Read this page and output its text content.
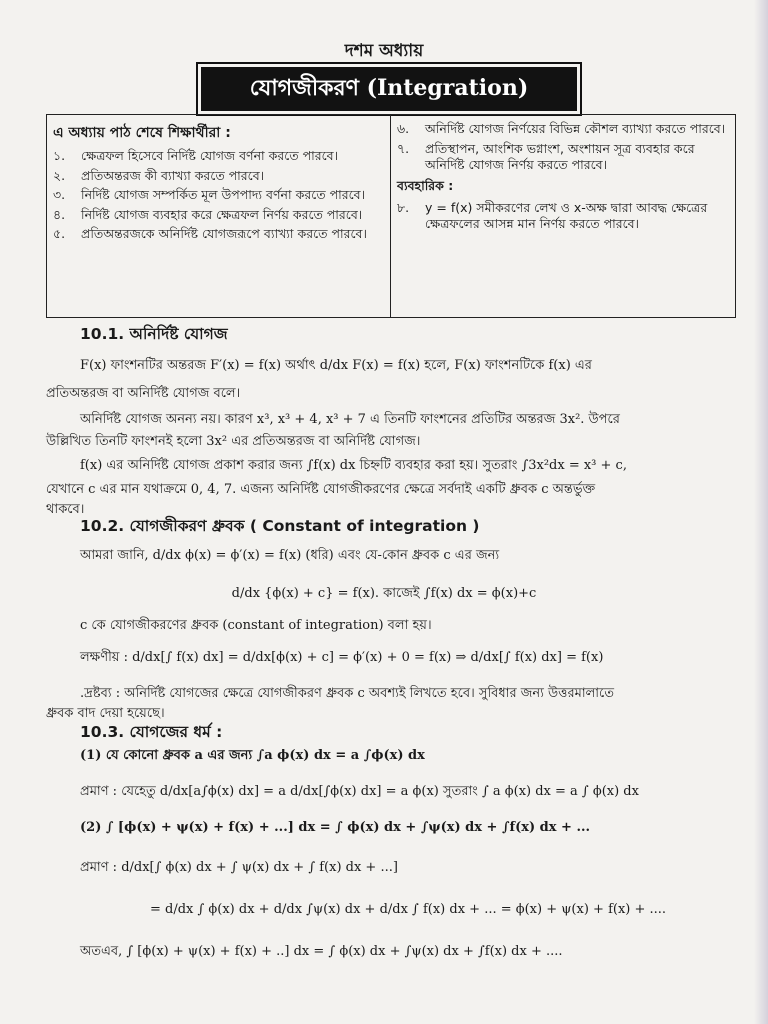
দশম অধ্যায়
যোগজীকরণ (Integration)
এ অধ্যায় পাঠ শেষে শিক্ষার্থীরা :
১.	ক্ষেত্রফল হিসেবে নির্দিষ্ট যোগজ বর্ণনা করতে পারবে।
২.	প্রতিঅন্তরজ কী ব্যাখ্যা করতে পারবে।
৩.	নির্দিষ্ট যোগজ সম্পর্কিত মূল উপপাদ্য বর্ণনা করতে পারবে।
৪.	নির্দিষ্ট যোগজ ব্যবহার করে ক্ষেত্রফল নির্ণয় করতে পারবে।
৫.	প্রতিঅন্তরজকে অনির্দিষ্ট যোগজরূপে ব্যাখ্যা করতে পারবে।
৬.	অনির্দিষ্ট যোগজ নির্ণয়ের বিভিন্ন কৌশল ব্যাখ্যা করতে পারবে।
৭.	প্রতিস্থাপন, আংশিক ভগ্নাংশ, অংশায়ন সূত্র ব্যবহার করে অনির্দিষ্ট যোগজ নির্ণয় করতে পারবে।
ব্যবহারিক :
৮.	y = f(x) সমীকরণের লেখ ও x-অক্ষ দ্বারা আবদ্ধ ক্ষেত্রের ক্ষেত্রফলের আসন্ন মান নির্ণয় করতে পারবে।
10.1. অনির্দিষ্ট যোগজ
F(x) ফাংশনটির অন্তরজ F′(x) = f(x) অর্থাৎ d/dx F(x) = f(x) হলে, F(x) ফাংশনটিকে f(x) এর
প্রতিঅন্তরজ বা অনির্দিষ্ট যোগজ বলে।
অনির্দিষ্ট যোগজ অনন্য নয়। কারণ x³, x³ + 4, x³ + 7 এ তিনটি ফাংশনের প্রতিটির অন্তরজ 3x². উপরে
উল্লিখিত তিনটি ফাংশনই হলো 3x² এর প্রতিঅন্তরজ বা অনির্দিষ্ট যোগজ।
f(x) এর অনির্দিষ্ট যোগজ প্রকাশ করার জন্য ∫f(x) dx চিহ্নটি ব্যবহার করা হয়। সুতরাং ∫3x²dx = x³ + c,
যেখানে c এর মান যথাক্রমে 0, 4, 7. এজন্য অনির্দিষ্ট যোগজীকরণের ক্ষেত্রে সর্বদাই একটি ধ্রুবক c অন্তর্ভুক্ত
থাকবে।
10.2. যোগজীকরণ ধ্রুবক ( Constant of integration )
আমরা জানি, d/dx ϕ(x) = ϕ′(x) = f(x) (ধরি) এবং যে-কোন ধ্রুবক c এর জন্য
d/dx {ϕ(x) + c} = f(x). কাজেই ∫f(x) dx = ϕ(x)+c
c কে যোগজীকরণের ধ্রুবক (constant of integration) বলা হয়।
লক্ষণীয় : d/dx[∫ f(x) dx] = d/dx[ϕ(x) + c] = ϕ′(x) + 0 = f(x) ⇒ d/dx[∫ f(x) dx] = f(x)
.দ্রষ্টব্য : অনির্দিষ্ট যোগজের ক্ষেত্রে যোগজীকরণ ধ্রুবক c অবশ্যই লিখতে হবে। সুবিধার জন্য উত্তরমালাতে
ধ্রুবক বাদ দেয়া হয়েছে।
10.3. যোগজের ধর্ম :
(1) যে কোনো ধ্রুবক a এর জন্য ∫a ϕ(x) dx = a ∫ϕ(x) dx
প্রমাণ : যেহেতু d/dx[a∫ϕ(x) dx] = a d/dx[∫ϕ(x) dx] = a ϕ(x) সুতরাং ∫ a ϕ(x) dx = a ∫ ϕ(x) dx
(2) ∫ [ϕ(x) + ψ(x) + f(x) + ...] dx = ∫ ϕ(x) dx + ∫ψ(x) dx + ∫f(x) dx + ...
প্রমাণ : d/dx[∫ ϕ(x) dx + ∫ ψ(x) dx + ∫ f(x) dx + ...]
= d/dx ∫ ϕ(x) dx + d/dx ∫ψ(x) dx + d/dx ∫ f(x) dx + ... = ϕ(x) + ψ(x) + f(x) + ....
অতএব, ∫ [ϕ(x) + ψ(x) + f(x) + ..] dx = ∫ ϕ(x) dx + ∫ψ(x) dx + ∫f(x) dx + ....
